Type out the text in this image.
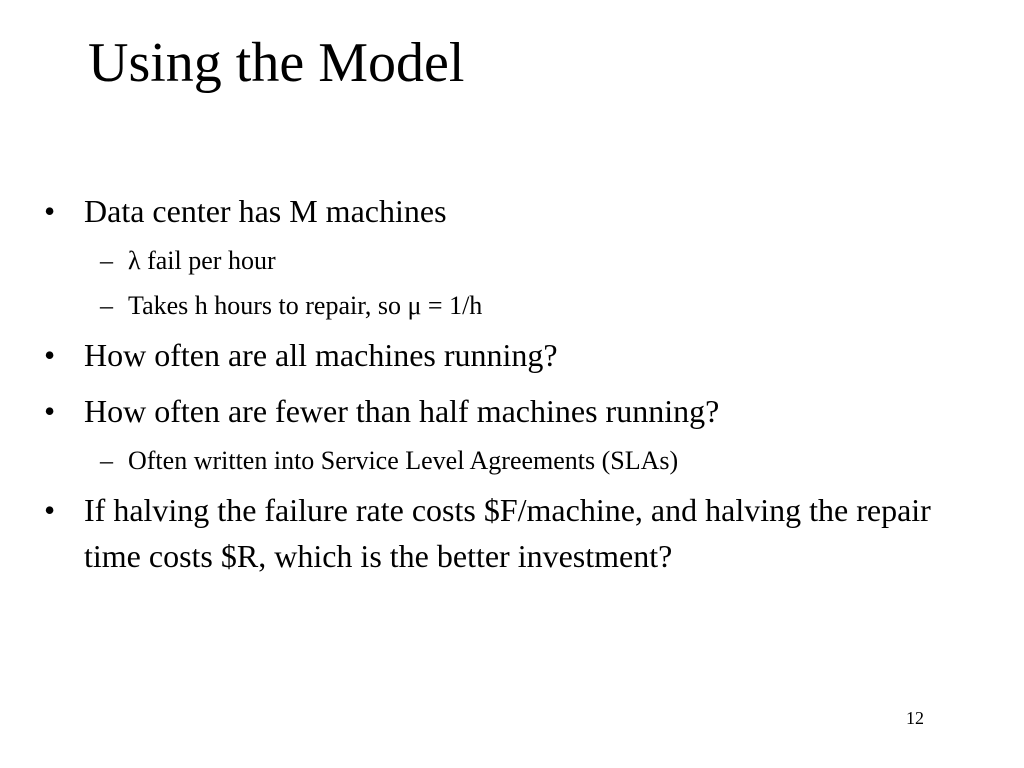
Using the Model
• Data center has M machines
– λ fail per hour
– Takes h hours to repair, so μ = 1/h
• How often are all machines running?
• How often are fewer than half machines running?
– Often written into Service Level Agreements (SLAs)
• If halving the failure rate costs $F/machine, and halving the repair time costs $R, which is the better investment?
12
